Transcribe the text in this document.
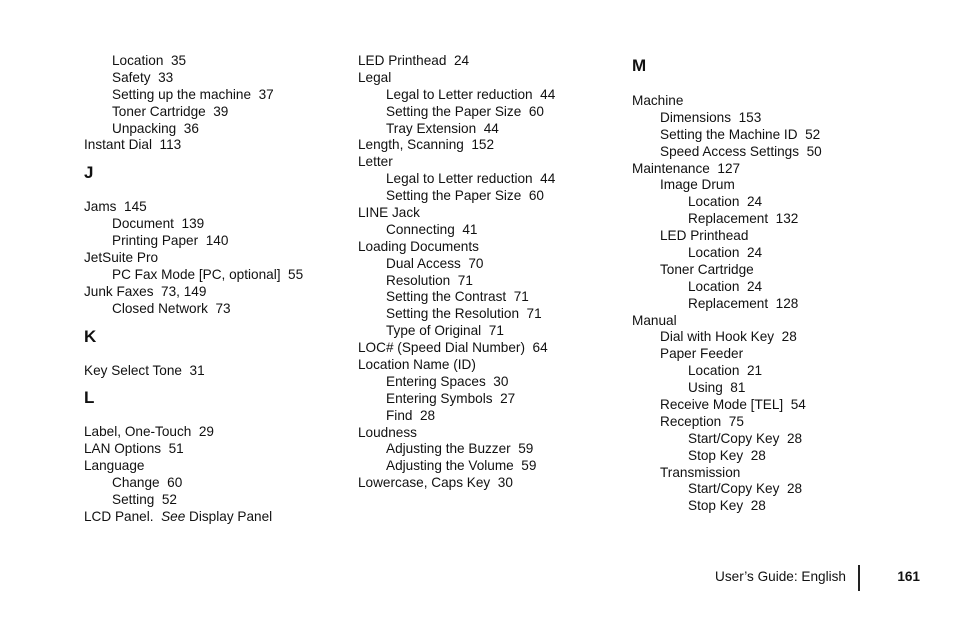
Location  35
Safety  33
Setting up the machine  37
Toner Cartridge  39
Unpacking  36
Instant Dial  113
J
Jams  145
Document  139
Printing Paper  140
JetSuite Pro
PC Fax Mode [PC, optional]  55
Junk Faxes  73, 149
Closed Network  73
K
Key Select Tone  31
L
Label, One-Touch  29
LAN Options  51
Language
Change  60
Setting  52
LCD Panel.  See Display Panel
LED Printhead  24
Legal
Legal to Letter reduction  44
Setting the Paper Size  60
Tray Extension  44
Length, Scanning  152
Letter
Legal to Letter reduction  44
Setting the Paper Size  60
LINE Jack
Connecting  41
Loading Documents
Dual Access  70
Resolution  71
Setting the Contrast  71
Setting the Resolution  71
Type of Original  71
LOC# (Speed Dial Number)  64
Location Name (ID)
Entering Spaces  30
Entering Symbols  27
Find  28
Loudness
Adjusting the Buzzer  59
Adjusting the Volume  59
Lowercase, Caps Key  30
M
Machine
Dimensions  153
Setting the Machine ID  52
Speed Access Settings  50
Maintenance  127
Image Drum
Location  24
Replacement  132
LED Printhead
Location  24
Toner Cartridge
Location  24
Replacement  128
Manual
Dial with Hook Key  28
Paper Feeder
Location  21
Using  81
Receive Mode [TEL]  54
Reception  75
Start/Copy Key  28
Stop Key  28
Transmission
Start/Copy Key  28
Stop Key  28
User’s Guide: English	161
